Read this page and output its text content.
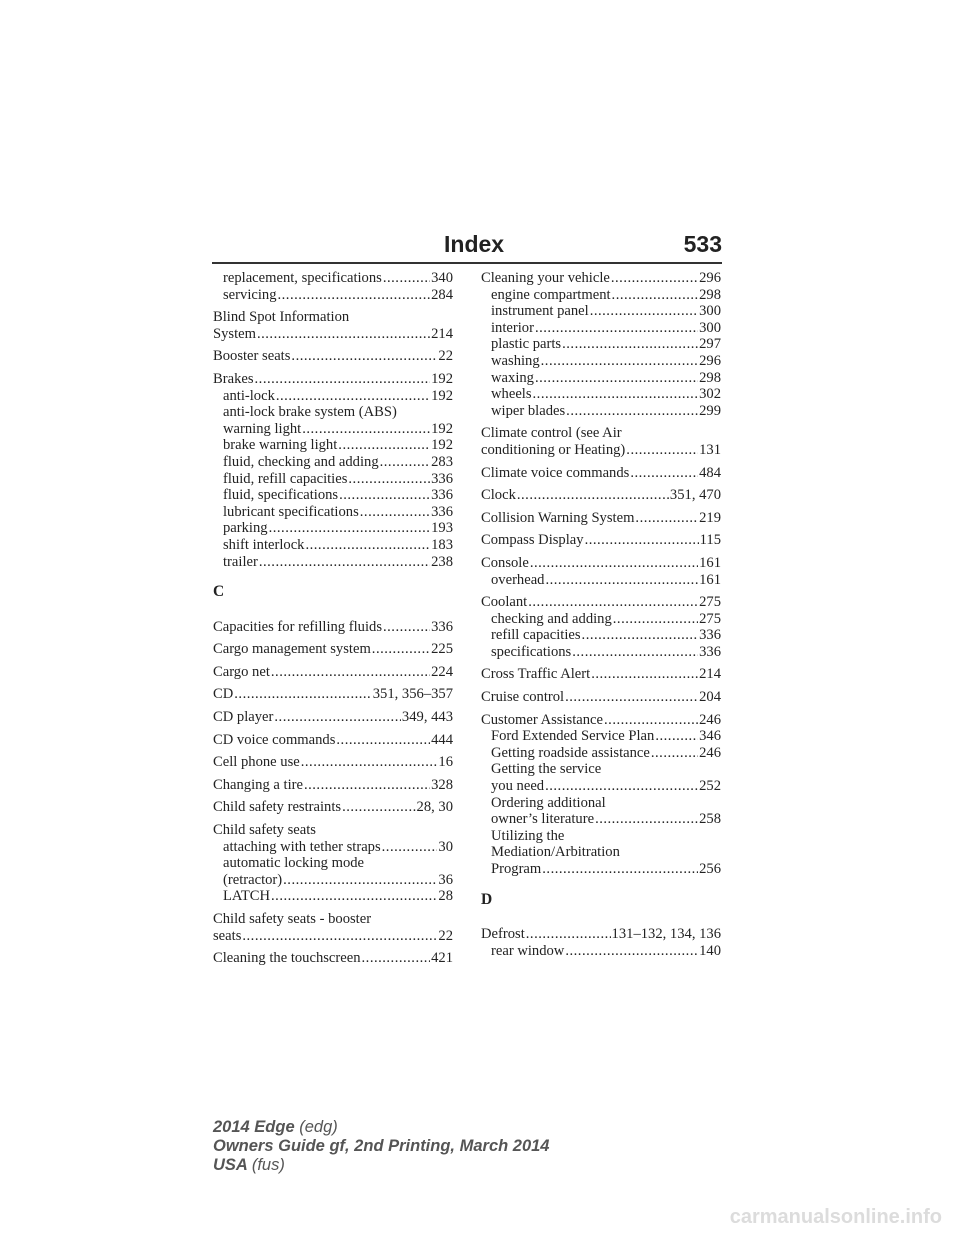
Index	533
replacement, specifications .....	340
servicing .....	284
Blind Spot Information
System .....	214
Booster seats .....	22
Brakes .....	192
anti-lock .....	192
anti-lock brake system (ABS)
warning light .....	192
brake warning light .....	192
fluid, checking and adding .....	283
fluid, refill capacities .....	336
fluid, specifications .....	336
lubricant specifications .....	336
parking .....	193
shift interlock .....	183
trailer .....	238
C
Capacities for refilling fluids .....	336
Cargo management system .....	225
Cargo net .....	224
CD .....	351, 356–357
CD player .....	349, 443
CD voice commands .....	444
Cell phone use .....	16
Changing a tire .....	328
Child safety restraints .....	28, 30
Child safety seats
attaching with tether straps .....	30
automatic locking mode
(retractor) .....	36
LATCH .....	28
Child safety seats - booster
seats .....	22
Cleaning the touchscreen .....	421
Cleaning your vehicle .....	296
engine compartment .....	298
instrument panel .....	300
interior .....	300
plastic parts .....	297
washing .....	296
waxing .....	298
wheels .....	302
wiper blades .....	299
Climate control (see Air
conditioning or Heating) .....	131
Climate voice commands .....	484
Clock .....	351, 470
Collision Warning System .....	219
Compass Display .....	115
Console .....	161
overhead .....	161
Coolant .....	275
checking and adding .....	275
refill capacities .....	336
specifications .....	336
Cross Traffic Alert .....	214
Cruise control .....	204
Customer Assistance .....	246
Ford Extended Service Plan .....	346
Getting roadside assistance .....	246
Getting the service
you need .....	252
Ordering additional
owner’s literature .....	258
Utilizing the
Mediation/Arbitration
Program .....	256
D
Defrost .....	131–132, 134, 136
rear window .....	140
2014 Edge (edg)
Owners Guide gf, 2nd Printing, March 2014
USA (fus)
carmanualsonline.info
